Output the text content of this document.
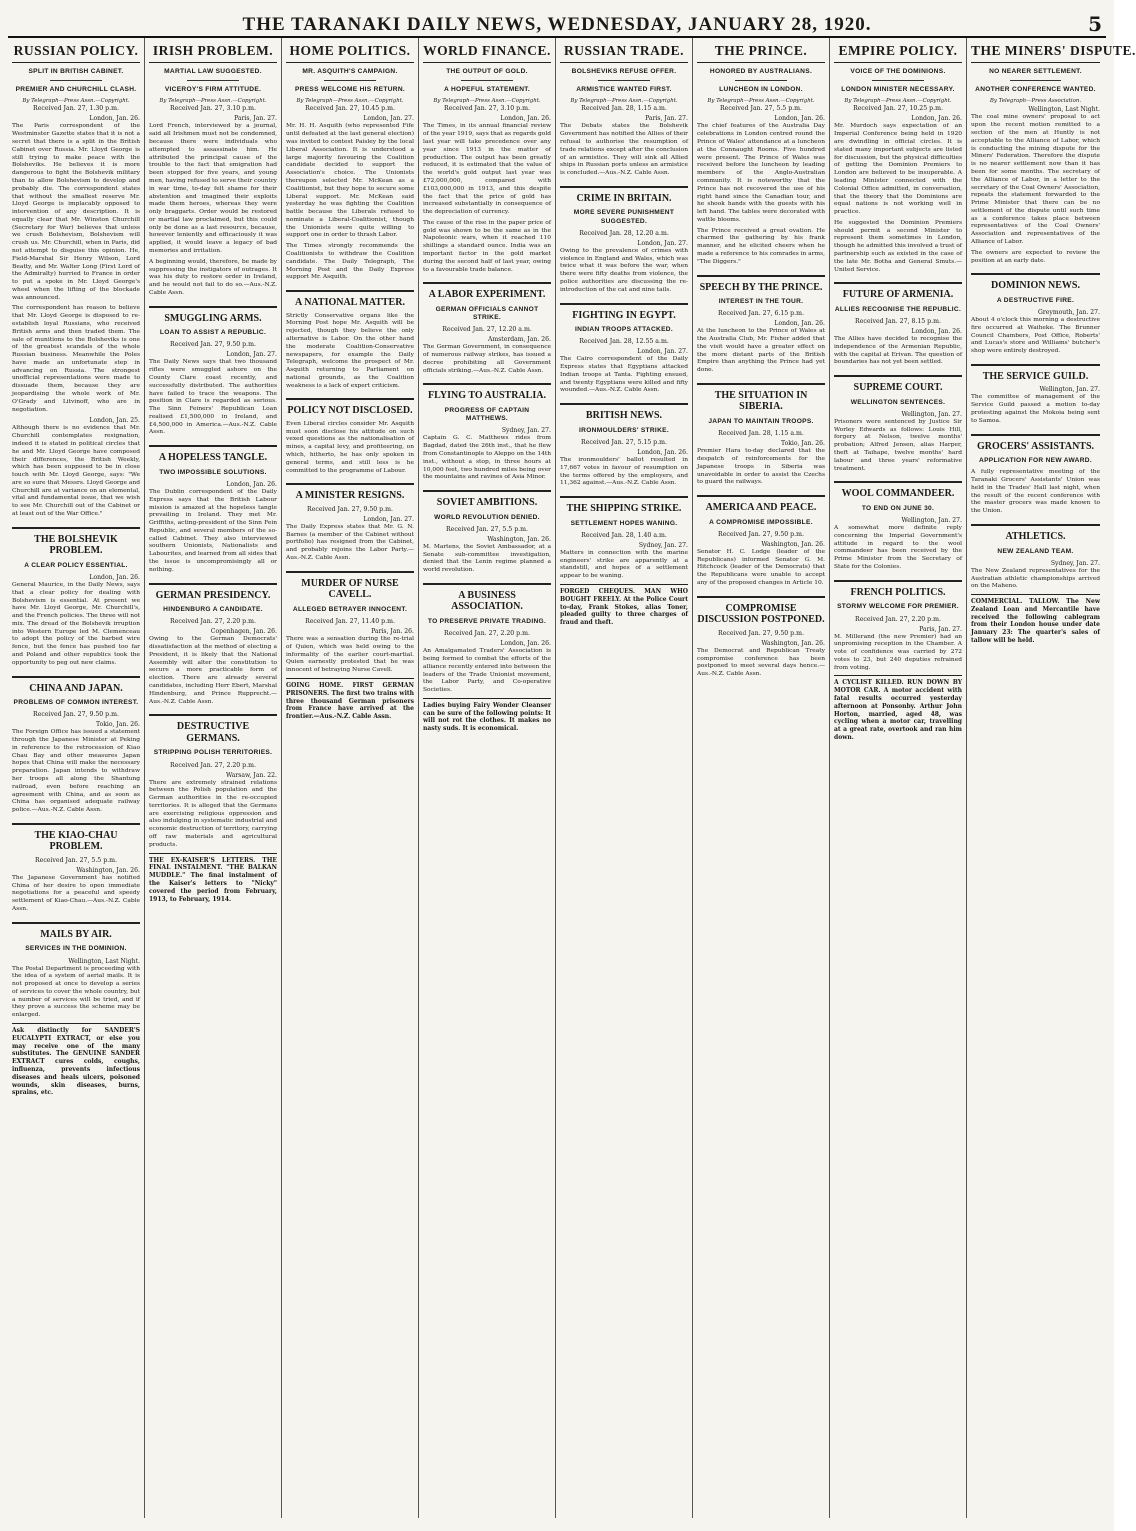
THE TARANAKI DAILY NEWS, WEDNESDAY, JANUARY 28, 1920.	5
RUSSIAN POLICY.
SPLIT IN BRITISH CABINET.
PREMIER AND CHURCHILL CLASH.
By Telegraph—Press Assn.—Copyright.
Received Jan. 27, 1.30 p.m.
London, Jan. 26.
The Paris correspondent of the Westminster Gazette states that it is not a secret that there is a split in the British Cabinet over Russia. Mr. Lloyd George is still trying to make peace with the Bolsheviks. He believes it is more dangerous to fight the Bolshevik military than to allow Bolshevism to develop and probably die. The correspondent states that without the smallest reserve Mr. Lloyd George is implacably opposed to intervention of any description. It is equally clear that Mr. Winston Churchill (Secretary for War) believes that unless we crush Bolshevism, Bolshevism will crush us. Mr. Churchill, when in Paris, did not attempt to disguise this opinion. He, Field-Marshal Sir Henry Wilson, Lord Beatty, and Mr. Walter Long (First Lord of the Admiralty) hurried to France in order to put a spoke in Mr. Lloyd George's wheel when the lifting of the blockade was announced.
The correspondent has reason to believe that Mr. Lloyd George is disposed to re-establish loyal Russians, who received British arms and then traded them. The sale of munitions to the Bolsheviks is one of the greatest scandals of the whole Russian business. Meanwhile the Poles have made an unfortunate step in advancing on Russia. The strongest unofficial representations were made to dissuade them, because they are jeopardising the whole work of Mr. O'Grady and Litvinoff, who are in negotiation.
London, Jan. 25.
Although there is no evidence that Mr. Churchill contemplates resignation, indeed it is stated in political circles that he and Mr. Lloyd George have composed their differences, the British Weekly, which has been supposed to be in close touch with Mr. Lloyd George, says: "We are so sure that Messrs. Lloyd George and Churchill are at variance on an elemental, vital and fundamental issue, that we wish to see Mr. Churchill out of the Cabinet or at least out of the War Office."
THE BOLSHEVIK PROBLEM.
A CLEAR POLICY ESSENTIAL.
London, Jan. 26.
General Maurice, in the Daily News, says that a clear policy for dealing with Bolshevism is essential. At present we have Mr. Lloyd George, Mr. Churchill's, and the French policies. The three will not mix. The dread of the Bolshevik irruption into Western Europe led M. Clemenceau to adopt the policy of the barbed wire fence, but the fence has pushed too far and Poland and other republics took the opportunity to peg out new claims.
CHINA AND JAPAN.
PROBLEMS OF COMMON INTEREST.
Received Jan. 27, 9.50 p.m.
Tokio, Jan. 26.
The Foreign Office has issued a statement through the Japanese Minister at Peking in reference to the retrocession of Kiao Chau Bay and other measures Japan hopes that China will make the necessary preparation. Japan intends to withdraw her troops all along the Shantung railroad, even before reaching an agreement with China, and as soon as China has organised adequate railway police.—Aus.-N.Z. Cable Assn.
THE KIAO-CHAU PROBLEM.
Received Jan. 27, 5.5 p.m.
Washington, Jan. 26.
The Japanese Government has notified China of her desire to open immediate negotiations for a peaceful and speedy settlement of Kiao-Chau.—Aus.-N.Z. Cable Assn.
MAILS BY AIR.
SERVICES IN THE DOMINION.
Wellington, Last Night.
The Postal Department is proceeding with the idea of a system of aerial mails. It is not proposed at once to develop a series of services to cover the whole country, but a number of services will be tried, and if they prove a success the scheme may be enlarged.
Ask distinctly for SANDER'S EUCALYPTI EXTRACT, or else you may receive one of the many substitutes. The GENUINE SANDER EXTRACT cures colds, coughs, influenza, prevents infectious diseases and heals ulcers, poisoned wounds, skin diseases, burns, sprains, etc.
IRISH PROBLEM.
MARTIAL LAW SUGGESTED.
VICEROY'S FIRM ATTITUDE.
By Telegraph—Press Assn.—Copyright.
Received Jan. 27, 3.10 p.m.
Paris, Jan. 27.
Lord French, interviewed by a journal, said all Irishmen must not be condemned, because there were individuals who attempted to assassinate him. He attributed the principal cause of the trouble to the fact that emigration had been stopped for five years, and young men, having refused to serve their country in war time, to-day felt shame for their abstention and imagined their exploits made them heroes, whereas they were only braggarts. Order would be restored or martial law proclaimed, but this could only be done as a last resource, because, however leniently and efficaciously it was applied, it would leave a legacy of bad memories and irritation.
A beginning would, therefore, be made by suppressing the instigators of outrages. It was his duty to restore order in Ireland, and he would not fail to do so.—Aus.-N.Z. Cable Assn.
SMUGGLING ARMS.
LOAN TO ASSIST A REPUBLIC.
Received Jan. 27, 9.50 p.m.
London, Jan. 27.
The Daily News says that two thousand rifles were smuggled ashore on the County Clare coast recently, and successfully distributed. The authorities have failed to trace the weapons. The position in Clare is regarded as serious. The Sinn Feiners' Republican Loan realised £1,500,000 in Ireland, and £4,500,000 in America.—Aus.-N.Z. Cable Assn.
A HOPELESS TANGLE.
TWO IMPOSSIBLE SOLUTIONS.
London, Jan. 26.
The Dublin correspondent of the Daily Express says that the British Labour mission is amazed at the hopeless tangle prevailing in Ireland. They met Mr. Griffiths, acting-president of the Sinn Fein Republic, and several members of the so-called Cabinet. They also interviewed southern Unionists, Nationalists and Labourites, and learned from all sides that the issue is uncompromisingly all or nothing.
GERMAN PRESIDENCY.
HINDENBURG A CANDIDATE.
Received Jan. 27, 2.20 p.m.
Copenhagen, Jan. 26.
Owing to the German Democrats' dissatisfaction at the method of electing a President, it is likely that the National Assembly will alter the constitution to secure a more practicable form of election. There are already several candidates, including Herr Ebert, Marshal Hindenburg, and Prince Rupprecht.—Aus.-N.Z. Cable Assn.
DESTRUCTIVE GERMANS.
STRIPPING POLISH TERRITORIES.
Received Jan. 27, 2.20 p.m.
Warsaw, Jan. 22.
There are extremely strained relations between the Polish population and the German authorities in the re-occupied territories. It is alleged that the Germans are exercising religious oppression and also indulging in systematic industrial and economic destruction of territory, carrying off raw materials and agricultural products.
THE EX-KAISER'S LETTERS. THE FINAL INSTALMENT. "THE BALKAN MUDDLE." The final instalment of the Kaiser's letters to "Nicky" covered the period from February, 1913, to February, 1914.
HOME POLITICS.
MR. ASQUITH'S CAMPAIGN.
PRESS WELCOME HIS RETURN.
By Telegraph—Press Assn.—Copyright.
Received Jan. 27, 10.45 p.m.
London, Jan. 27.
Mr. H. H. Asquith (who represented Fife until defeated at the last general election) was invited to contest Paisley by the local Liberal Association. It is understood a large majority favouring the Coalition candidate decided to support the Association's choice. The Unionists thereupon selected Mr. McKean as a Coalitionist, but they hope to secure some Liberal support. Mr. McKean said yesterday he was fighting the Coalition battle because the Liberals refused to nominate a Liberal-Coalitionist, though the Unionists were quite willing to support one in order to thrash Labor.
The Times strongly recommends the Coalitionists to withdraw the Coalition candidate. The Daily Telegraph, The Morning Post and the Daily Express support Mr. Asquith.
A NATIONAL MATTER.
Strictly Conservative organs like the Morning Post hope Mr. Asquith will be rejected, though they believe the only alternative is Labor. On the other hand the moderate Coalition-Conservative newspapers, for example the Daily Telegraph, welcome the prospect of Mr. Asquith returning to Parliament on national grounds, as the Coalition weakness is a lack of expert criticism.
POLICY NOT DISCLOSED.
Even Liberal circles consider Mr. Asquith must soon disclose his attitude on such vexed questions as the nationalisation of mines, a capital levy, and profiteering, on which, hitherto, he has only spoken in general terms, and still less is he committed to the programme of Labour.
A MINISTER RESIGNS.
Received Jan. 27, 9.50 p.m.
London, Jan. 27.
The Daily Express states that Mr. G. N. Barnes (a member of the Cabinet without portfolio) has resigned from the Cabinet, and probably rejoins the Labor Party.—Aus.-N.Z. Cable Assn.
MURDER OF NURSE CAVELL.
ALLEGED BETRAYER INNOCENT.
Received Jan. 27, 11.40 p.m.
Paris, Jan. 26.
There was a sensation during the re-trial of Quien, which was held owing to the informality of the earlier court-martial. Quien earnestly protested that he was innocent of betraying Nurse Cavell.
GOING HOME. FIRST GERMAN PRISONERS. The first two trains with three thousand German prisoners from France have arrived at the frontier.—Aus.-N.Z. Cable Assn.
WORLD FINANCE.
THE OUTPUT OF GOLD.
A HOPEFUL STATEMENT.
By Telegraph—Press Assn.—Copyright.
Received Jan. 27, 3.10 p.m.
London, Jan. 26.
The Times, in its annual financial review of the year 1919, says that as regards gold last year will take precedence over any year since 1913 in the matter of production. The output has been greatly reduced, it is estimated that the value of the world's gold output last year was £72,000,000, compared with £103,000,000 in 1913, and this despite the fact that the price of gold has increased substantially in consequence of the depreciation of currency.
The cause of the rise in the paper price of gold was shown to be the same as in the Napoleonic wars, when it reached 110 shillings a standard ounce. India was an important factor in the gold market during the second half of last year, owing to a favourable trade balance.
A LABOR EXPERIMENT.
GERMAN OFFICIALS CANNOT STRIKE.
Received Jan. 27, 12.20 a.m.
Amsterdam, Jan. 26.
The German Government, in consequence of numerous railway strikes, has issued a decree prohibiting all Government officials striking.—Aus.-N.Z. Cable Assn.
FLYING TO AUSTRALIA.
PROGRESS OF CAPTAIN MATTHEWS.
Sydney, Jan. 27.
Captain G. C. Matthews rides from Bagdad, dated the 26th inst., that he flew from Constantinople to Aleppo on the 14th inst., without a stop, in three hours at 10,000 feet, two hundred miles being over the mountains and ravines of Asia Minor.
SOVIET AMBITIONS.
WORLD REVOLUTION DENIED.
Received Jan. 27, 5.5 p.m.
Washington, Jan. 26.
M. Martens, the Soviet Ambassador, at a Senate sub-committee investigation, denied that the Lenin regime planned a world revolution.
A BUSINESS ASSOCIATION.
TO PRESERVE PRIVATE TRADING.
Received Jan. 27, 2.20 p.m.
London, Jan. 26.
An Amalgamated Traders' Association is being formed to combat the efforts of the alliance recently entered into between the leaders of the Trade Unionist movement, the Labor Party, and Co-operative Societies.
Ladies buying Fairy Wonder Cleanser can be sure of the following points: It will not rot the clothes. It makes no nasty suds. It is economical.
RUSSIAN TRADE.
BOLSHEVIKS REFUSE OFFER.
ARMISTICE WANTED FIRST.
By Telegraph—Press Assn.—Copyright.
Received Jan. 28, 1.15 a.m.
Paris, Jan. 27.
The Debats states the Bolshevik Government has notified the Allies of their refusal to authorise the resumption of trade relations except after the conclusion of an armistice. They will sink all Allied ships in Russian ports unless an armistice is concluded.—Aus.-N.Z. Cable Assn.
CRIME IN BRITAIN.
MORE SEVERE PUNISHMENT SUGGESTED.
Received Jan. 28, 12.20 a.m.
London, Jan. 27.
Owing to the prevalence of crimes with violence in England and Wales, which was twice what it was before the war, when there were fifty deaths from violence, the police authorities are discussing the re-introduction of the cat and nine tails.
FIGHTING IN EGYPT.
INDIAN TROOPS ATTACKED.
Received Jan. 28, 12.55 a.m.
London, Jan. 27.
The Cairo correspondent of the Daily Express states that Egyptians attacked Indian troops at Tanta. Fighting ensued, and twenty Egyptians were killed and fifty wounded.—Aus.-N.Z. Cable Assn.
BRITISH NEWS.
IRONMOULDERS' STRIKE.
Received Jan. 27, 5.15 p.m.
London, Jan. 26.
The ironmoulders' ballot resulted in 17,667 votes in favour of resumption on the terms offered by the employers, and 11,362 against.—Aus.-N.Z. Cable Assn.
THE SHIPPING STRIKE.
SETTLEMENT HOPES WANING.
Received Jan. 28, 1.40 a.m.
Sydney, Jan. 27.
Matters in connection with the marine engineers' strike are apparently at a standstill, and hopes of a settlement appear to be waning.
FORGED CHEQUES. MAN WHO BOUGHT FREELY. At the Police Court to-day, Frank Stokes, alias Toner, pleaded guilty to three charges of fraud and theft.
THE PRINCE.
HONORED BY AUSTRALIANS.
LUNCHEON IN LONDON.
By Telegraph—Press Assn.—Copyright.
Received Jan. 27, 5.5 p.m.
London, Jan. 26.
The chief features of the Australia Day celebrations in London centred round the Prince of Wales' attendance at a luncheon at the Connaught Rooms. Five hundred were present. The Prince of Wales was received before the luncheon by leading members of the Anglo-Australian community. It is noteworthy that the Prince has not recovered the use of his right hand since the Canadian tour, and he shook hands with the guests with his left hand. The tables were decorated with wattle blooms.
The Prince received a great ovation. He charmed the gathering by his frank manner, and he elicited cheers when he made a reference to his comrades in arms, "The Diggers."
SPEECH BY THE PRINCE.
INTEREST IN THE TOUR.
Received Jan. 27, 6.15 p.m.
London, Jan. 26.
At the luncheon to the Prince of Wales at the Australia Club, Mr. Fisher added that the visit would have a greater effect on the more distant parts of the British Empire than anything the Prince had yet done.
THE SITUATION IN SIBERIA.
JAPAN TO MAINTAIN TROOPS.
Received Jan. 28, 1.15 a.m.
Tokio, Jan. 26.
Premier Hara to-day declared that the despatch of reinforcements for the Japanese troops in Siberia was unavoidable in order to assist the Czechs to guard the railways.
AMERICA AND PEACE.
A COMPROMISE IMPOSSIBLE.
Received Jan. 27, 9.50 p.m.
Washington, Jan. 26.
Senator H. C. Lodge (leader of the Republicans) informed Senator G. M. Hitchcock (leader of the Democrats) that the Republicans were unable to accept any of the proposed changes in Article 10.
COMPROMISE DISCUSSION POSTPONED.
Received Jan. 27, 9.50 p.m.
Washington, Jan. 26.
The Democrat and Republican Treaty compromise conference has been postponed to meet several days hence.—Aus.-N.Z. Cable Assn.
EMPIRE POLICY.
VOICE OF THE DOMINIONS.
LONDON MINISTER NECESSARY.
By Telegraph—Press Assn.—Copyright.
Received Jan. 27, 10.25 p.m.
London, Jan. 26.
Mr. Murdoch says expectation of an Imperial Conference being held in 1920 are dwindling in official circles. It is stated many important subjects are listed for discussion, but the physical difficulties of getting the Dominion Premiers to London are believed to be insuperable. A leading Minister connected with the Colonial Office admitted, in conversation, that the theory that the Dominions are equal nations is not working well in practice.
He suggested the Dominion Premiers should permit a second Minister to represent them sometimes in London, though he admitted this involved a trust of partnership such as existed in the case of the late Mr. Botha and General Smuts.—United Service.
FUTURE OF ARMENIA.
ALLIES RECOGNISE THE REPUBLIC.
Received Jan. 27, 8.15 p.m.
London, Jan. 26.
The Allies have decided to recognise the independence of the Armenian Republic, with the capital at Erivan. The question of boundaries has not yet been settled.
SUPREME COURT.
WELLINGTON SENTENCES.
Wellington, Jan. 27.
Prisoners were sentenced by Justice Sir Worley Edwards as follows: Louis Hill, forgery at Nelson, twelve months' probation; Alfred Jensen, alias Harper, theft at Taihape, twelve months' hard labour and three years' reformative treatment.
WOOL COMMANDEER.
TO END ON JUNE 30.
Wellington, Jan. 27.
A somewhat more definite reply concerning the Imperial Government's attitude in regard to the wool commandeer has been received by the Prime Minister from the Secretary of State for the Colonies.
FRENCH POLITICS.
STORMY WELCOME FOR PREMIER.
Received Jan. 27, 2.20 p.m.
Paris, Jan. 27.
M. Millerand (the new Premier) had an unpromising reception in the Chamber. A vote of confidence was carried by 272 votes to 23, but 240 deputies refrained from voting.
A CYCLIST KILLED. RUN DOWN BY MOTOR CAR. A motor accident with fatal results occurred yesterday afternoon at Ponsonby. Arthur John Horton, married, aged 48, was cycling when a motor car, travelling at a great rate, overtook and ran him down.
THE MINERS' DISPUTE.
NO NEARER SETTLEMENT.
ANOTHER CONFERENCE WANTED.
By Telegraph—Press Association.
Wellington, Last Night.
The coal mine owners' proposal to act upon the recent motion remitted to a section of the men at Huntly is not acceptable to the Alliance of Labor, which is conducting the mining dispute for the Miners' Federation. Therefore the dispute is no nearer settlement now than it has been for some months. The secretary of the Alliance of Labor, in a letter to the secretary of the Coal Owners' Association, repeats the statement forwarded to the Prime Minister that there can be no settlement of the dispute until such time as a conference takes place between representatives of the Coal Owners' Association and representatives of the Alliance of Labor.
The owners are expected to review the position at an early date.
DOMINION NEWS.
A DESTRUCTIVE FIRE.
Greymouth, Jan. 27.
About 4 o'clock this morning a destructive fire occurred at Waiheke. The Brunner Council Chambers, Post Office, Roberts' and Lucas's store and Williams' butcher's shop were entirely destroyed.
THE SERVICE GUILD.
Wellington, Jan. 27.
The committee of management of the Service Guild passed a motion to-day protesting against the Mokoia being sent to Samoa.
GROCERS' ASSISTANTS.
APPLICATION FOR NEW AWARD.
A fully representative meeting of the Taranaki Grocers' Assistants' Union was held in the Trades' Hall last night, when the result of the recent conference with the master grocers was made known to the Union.
ATHLETICS.
NEW ZEALAND TEAM.
Sydney, Jan. 27.
The New Zealand representatives for the Australian athletic championships arrived on the Maheno.
COMMERCIAL. TALLOW. The New Zealand Loan and Mercantile have received the following cablegram from their London house under date January 23: The quarter's sales of tallow will be held.
